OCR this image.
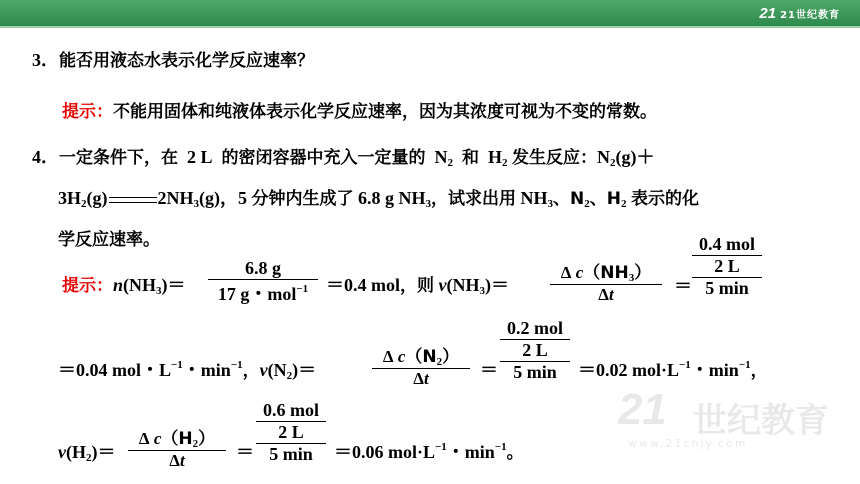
21 21世纪教育
21 世纪教育
www.21cnjy.com
3．能否用液态水表示化学反应速率？
提示：不能用固体和纯液体表示化学反应速率，因为其浓度可视为不变的常数。
4．一定条件下，在 2 L 的密闭容器中充入一定量的 $N_2$ 和 $H_2$ 发生反应：$N_2(g)+$
$3H_2(g)$	$2NH_3(g)$，5 分钟内生成了 6.8 g $NH_3$，试求出用 $NH_3$、$N_2$、$H_2$ 表示的化
学反应速率。
提示：$n(NH_3)=$
6.8 g
17 g・mol$^{-1}$ ＝0.4 mol，则 $v(NH_3)= \frac{\Delta c(NH_3)}{\Delta t}$ ＝
0.4 mol
2 L
5 min
＝0.04 mol・$L^{-1}$・$\min^{-1}$，$v(N_2)=$	$\frac{\Delta c(N_2)}{\Delta t}$ ＝
0.2 mol
2 L
5 min	＝0.02 $mol\cdot L^{-1}$・$\min^{-1}$，
$v(H_2)= \frac{\Delta c(H_2)}{\Delta t}$ ＝
0.6 mol
2 L
5 min	＝0.06 $mol\cdot L^{-1}$・$\min^{-1}$。
